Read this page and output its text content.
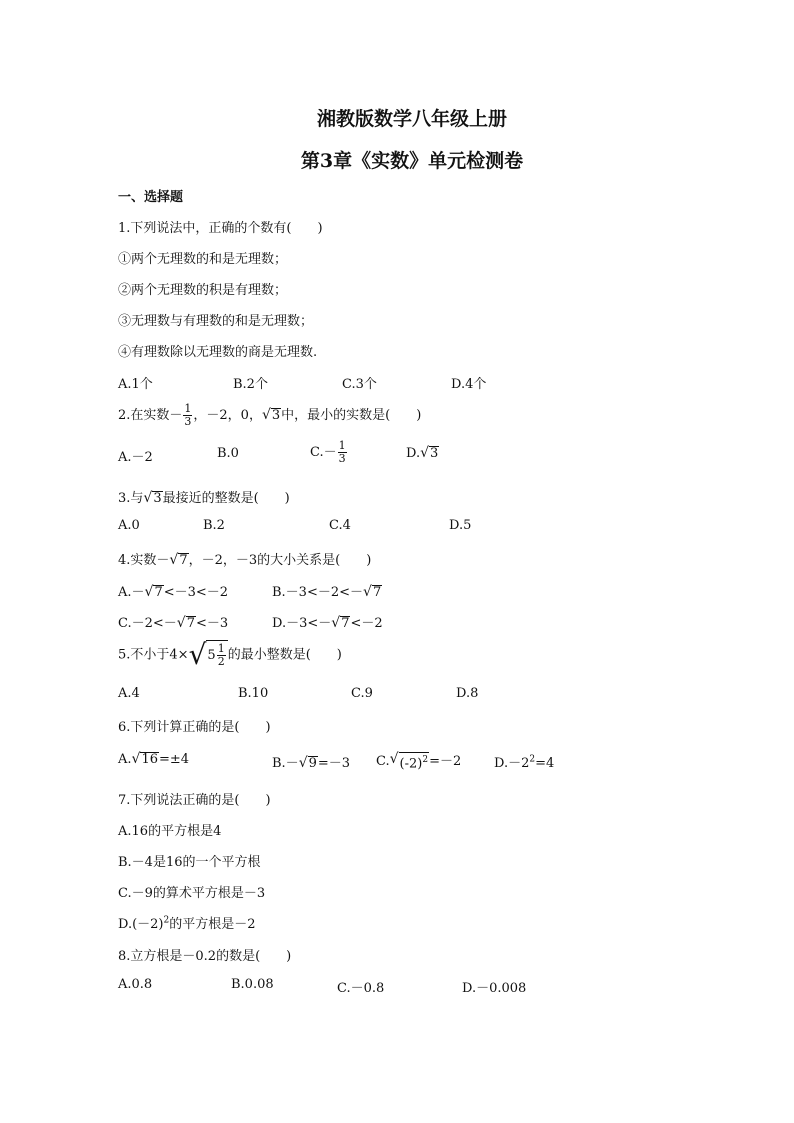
湘教版数学八年级上册
第3章《实数》单元检测卷
一、选择题
1.下列说法中，正确的个数有(　　)
①两个无理数的和是无理数；
②两个无理数的积是有理数；
③无理数与有理数的和是无理数；
④有理数除以无理数的商是无理数.
A.1个	B.2个	C.3个	D.4个
2.在实数－ $\frac{1}{3}$ ，－2，0， √ 3 中，最小的实数是(　　)
A.－2	B.0	$C.- \frac{1}{3}$	D. √ 3
3.与 √ 3 最接近的整数是(　　)
A.0	B.2	C.4	D.5
4.实数－ √ 7 ，－2，－3的大小关系是(　　)
A.－ √ 7 <－3<－2	B.－3<－2<－ √ 7
C.－2<－ √ 7 <－3	D.－3<－ √ 7 <－2
5.不小于4× √ $5 \frac{1}{2}$ 的最小整数是(　　)
A.4	B.10	C.9	D.8
6.下列计算正确的是(　　)
A. √ 16 =±4	B.－ √ 9 =－3 C. √ $(-2)^2 =-2$	$D.-2^2=4$
7.下列说法正确的是(　　)
A.16的平方根是4
B.－4是16的一个平方根
C.－9的算术平方根是－3
$D.(-2)^2$的平方根是－2
8.立方根是－0.2的数是(　　)
A.0.8	B.0.08	C.－0.8	D.－0.008
